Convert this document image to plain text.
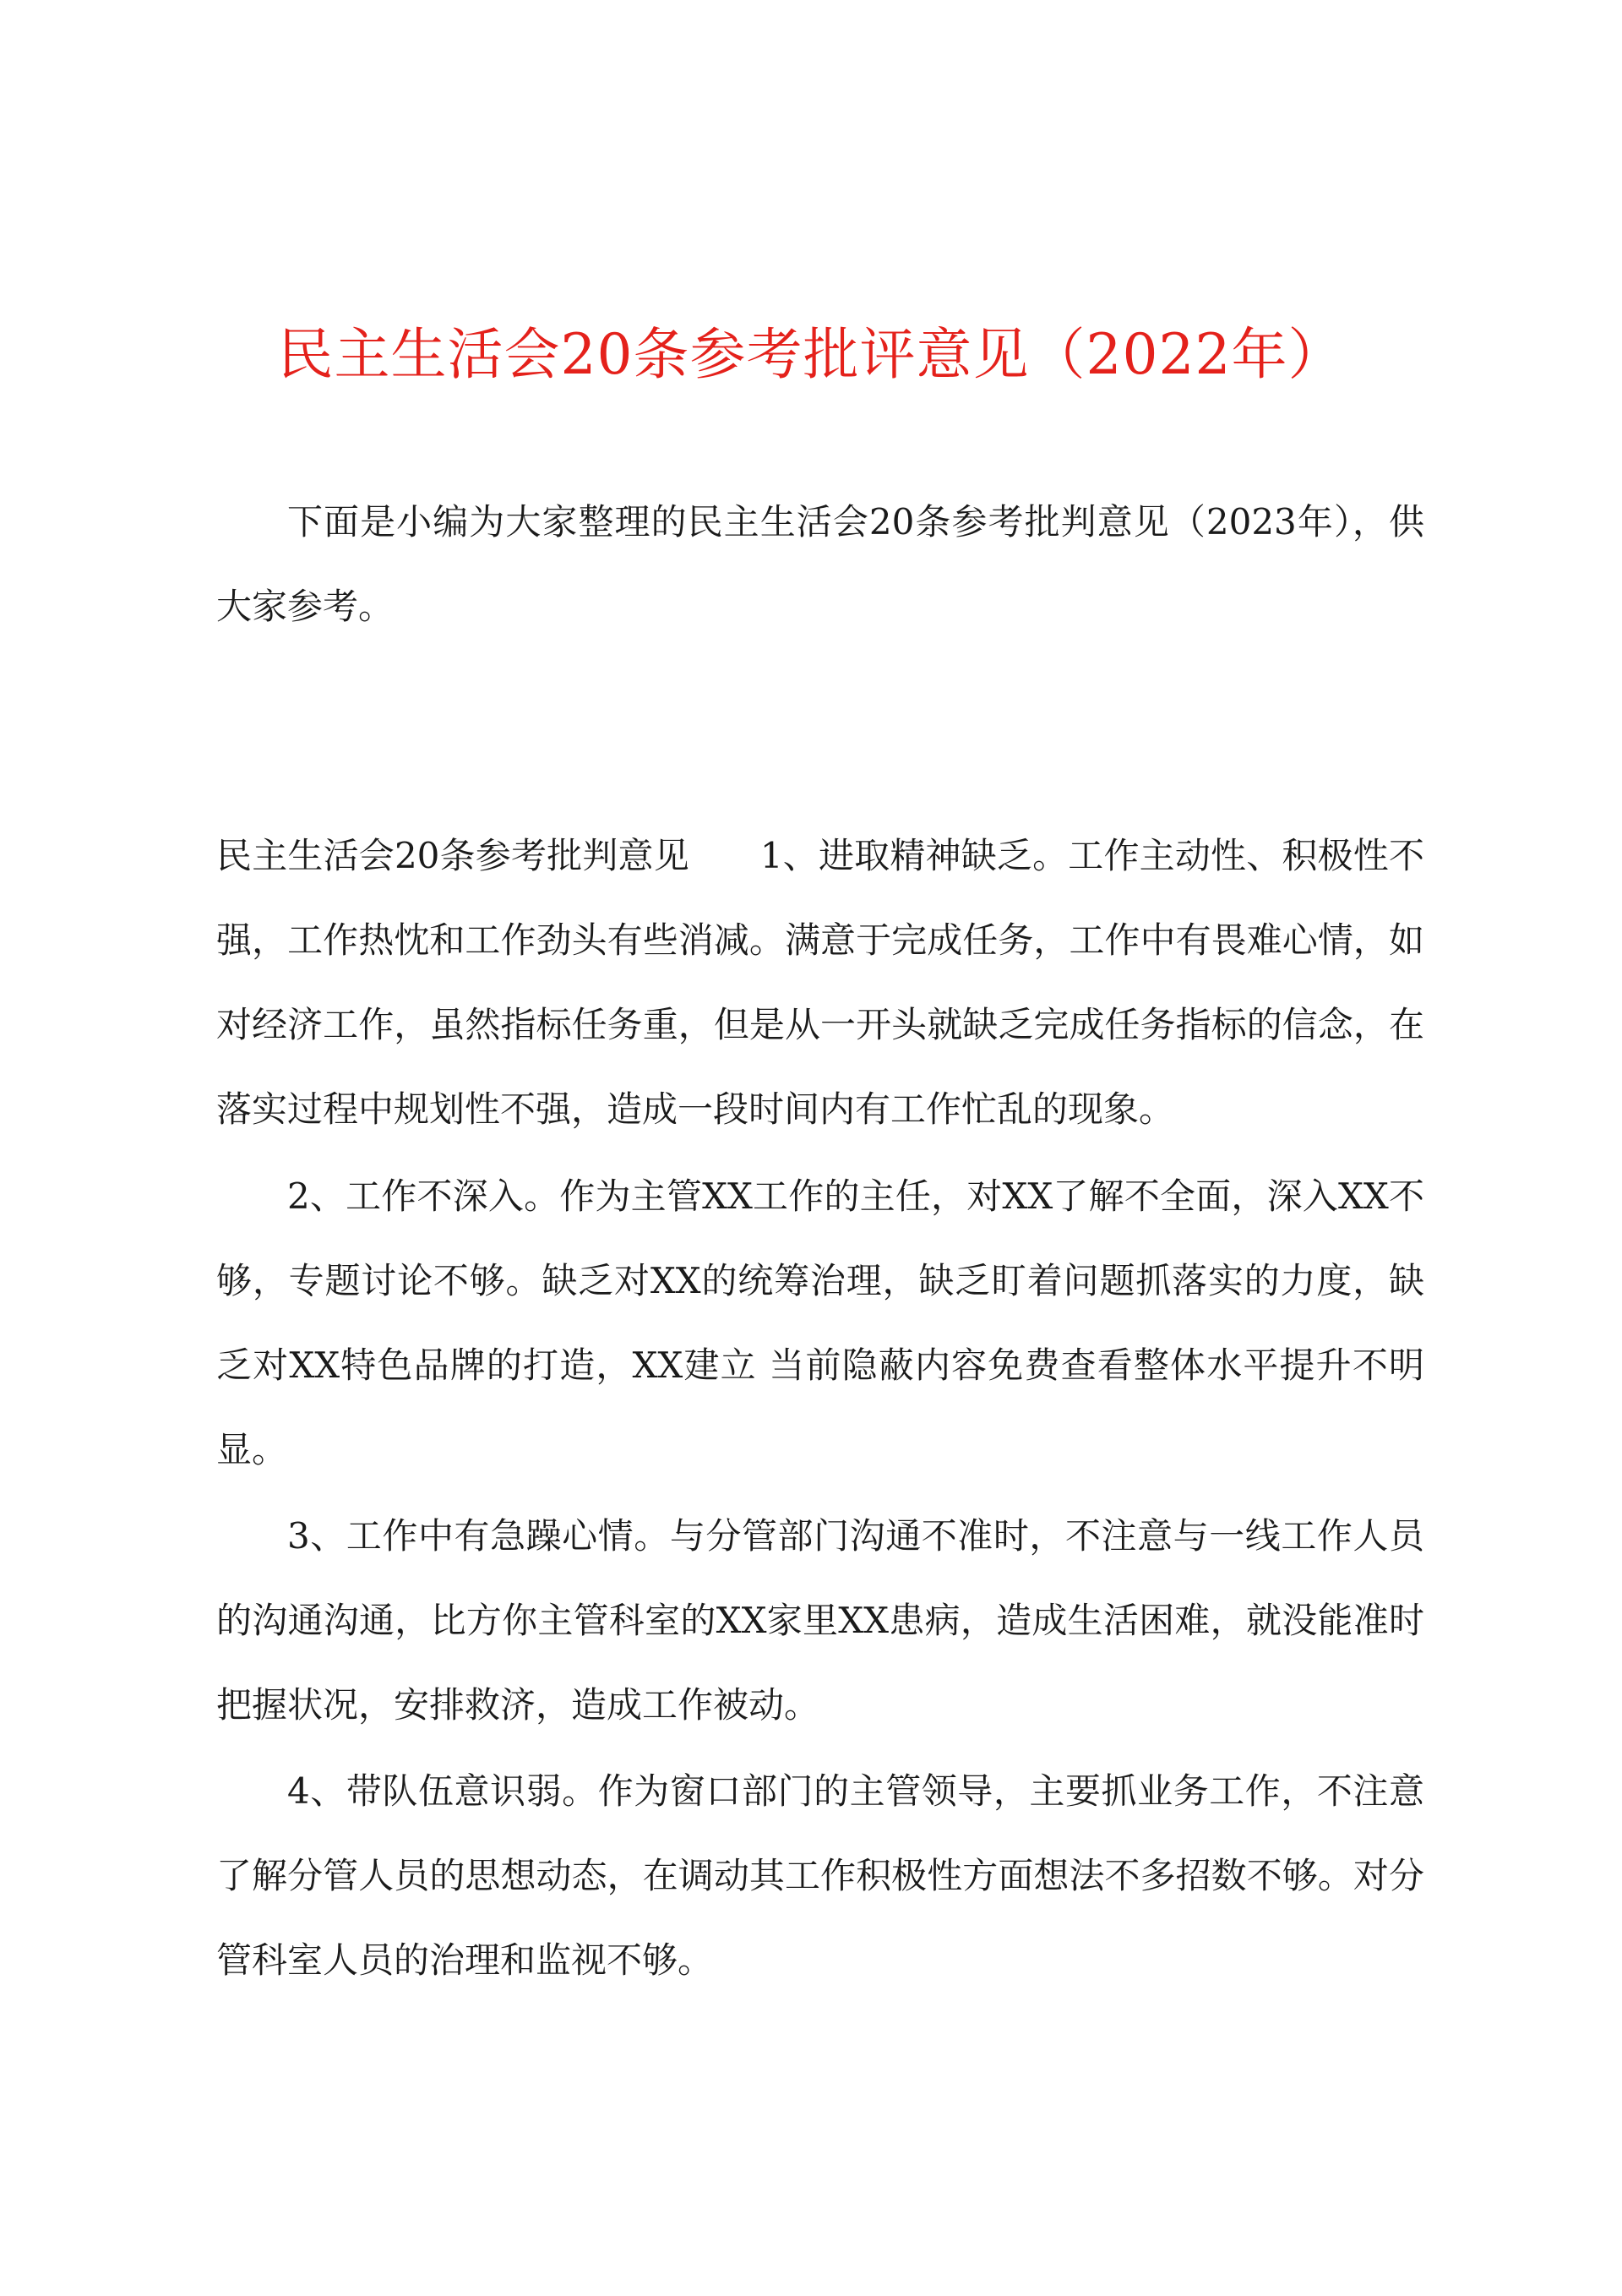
民主生活会20条参考批评意见（2022年）

下面是小编为大家整理的民主生活会20条参考批判意见（2023年），供大家参考。

民主生活会20条参考批判意见 1、进取精神缺乏。工作主动性、积极性不强，工作热忱和工作劲头有些消减。满意于完成任务，工作中有畏难心情，如对经济工作，虽然指标任务重，但是从一开头就缺乏完成任务指标的信念，在落实过程中规划性不强，造成一段时间内有工作忙乱的现象。

2、工作不深入。作为主管XX工作的主任，对XX了解不全面，深入XX不够，专题讨论不够。缺乏对XX的统筹治理，缺乏盯着问题抓落实的力度，缺乏对XX特色品牌的打造，XX建立 当前隐蔽内容免费查看整体水平提升不明显。

3、工作中有急躁心情。与分管部门沟通不准时，不注意与一线工作人员的沟通沟通，比方你主管科室的XX家里XX患病，造成生活困难，就没能准时把握状况，安排救济，造成工作被动。

4、带队伍意识弱。作为窗口部门的主管领导，主要抓业务工作，不注意了解分管人员的思想动态，在调动其工作积极性方面想法不多招数不够。对分管科室人员的治理和监视不够。
